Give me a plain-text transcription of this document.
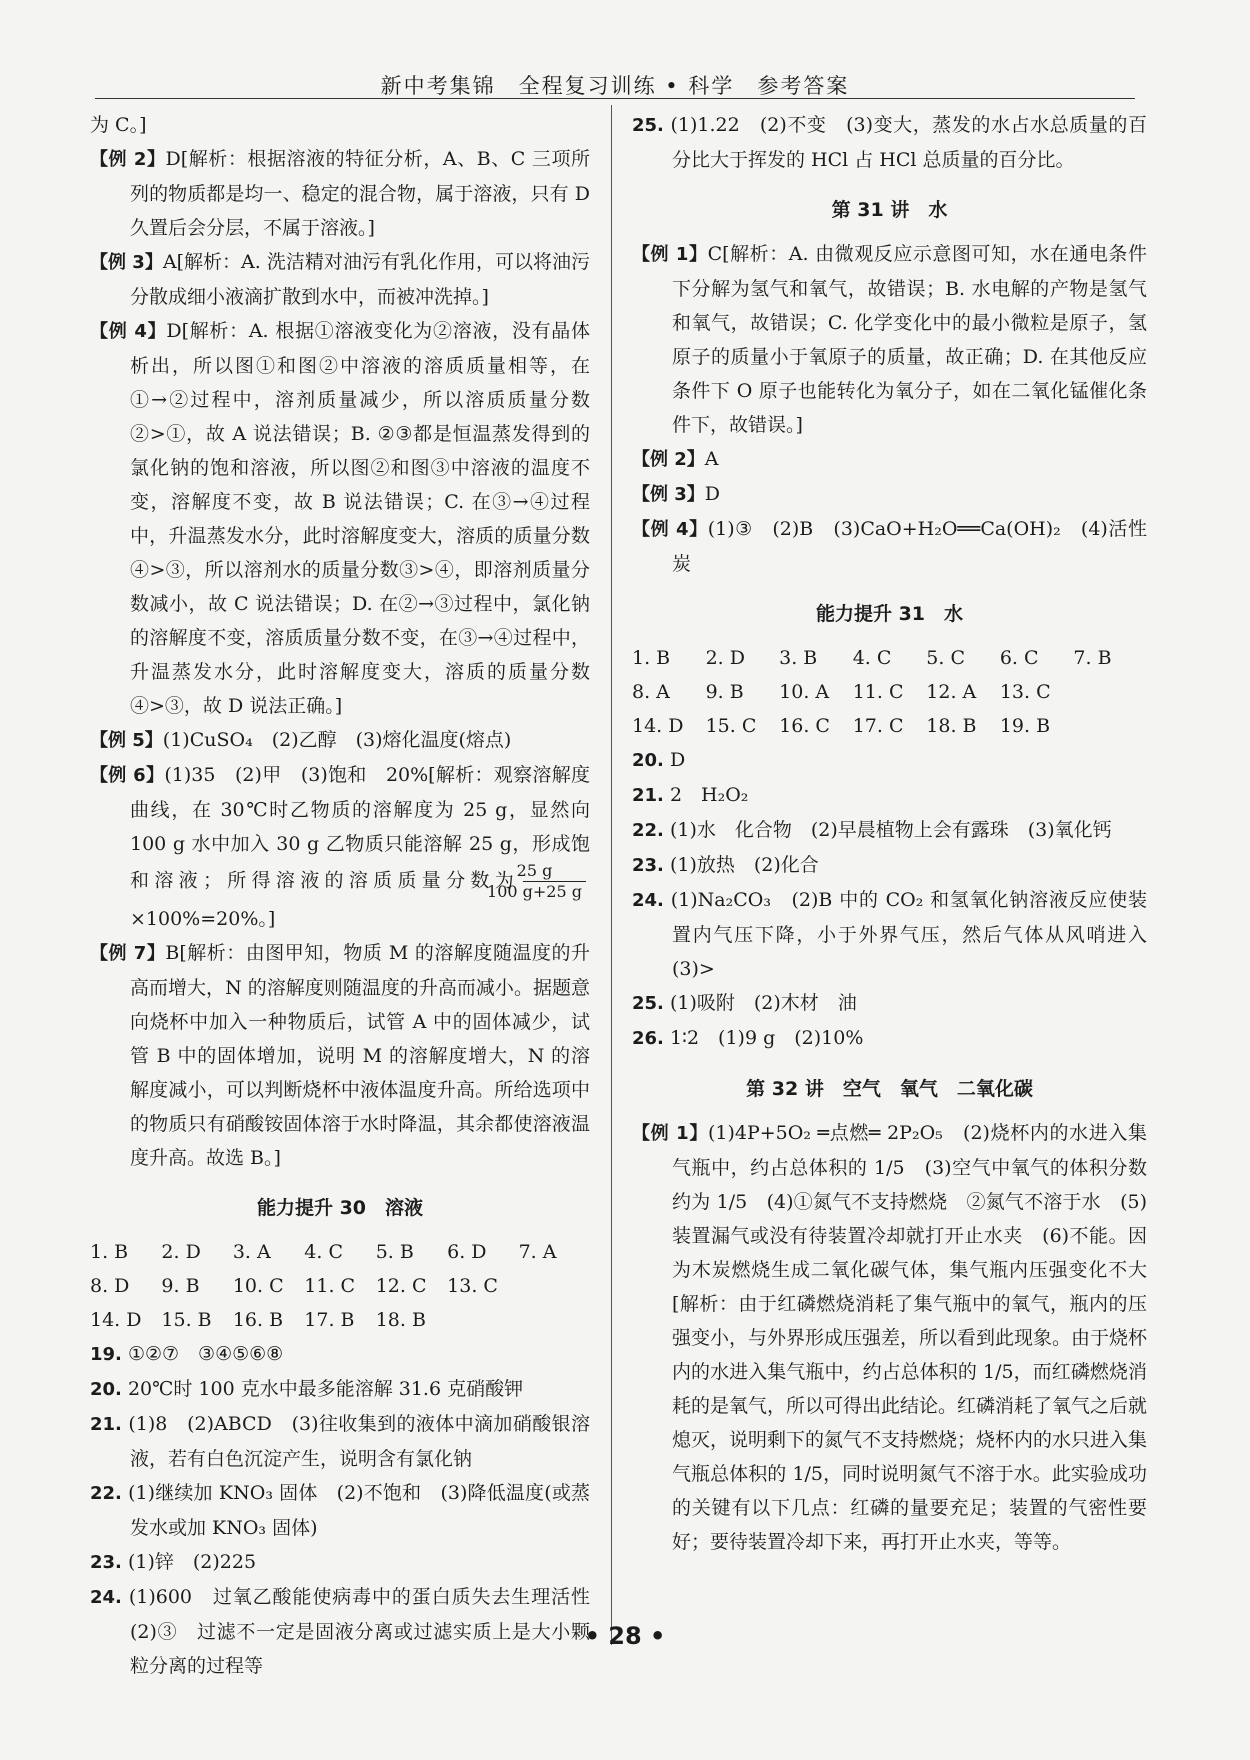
新中考集锦　全程复习训练 • 科学　参考答案

为 C。]

【例 2】D[解析：根据溶液的特征分析，A、B、C 三项所列的物质都是均一、稳定的混合物，属于溶液，只有 D 久置后会分层，不属于溶液。]

【例 3】A[解析：A. 洗洁精对油污有乳化作用，可以将油污分散成细小液滴扩散到水中，而被冲洗掉。]

【例 4】D[解析：A. 根据①溶液变化为②溶液，没有晶体析出，所以图①和图②中溶液的溶质质量相等，在①→②过程中，溶剂质量减少，所以溶质质量分数②>①，故 A 说法错误；B. ②③都是恒温蒸发得到的氯化钠的饱和溶液，所以图②和图③中溶液的温度不变，溶解度不变，故 B 说法错误；C. 在③→④过程中，升温蒸发水分，此时溶解度变大，溶质的质量分数④>③，所以溶剂水的质量分数③>④，即溶剂质量分数减小，故 C 说法错误；D. 在②→③过程中，氯化钠的溶解度不变，溶质质量分数不变，在③→④过程中，升温蒸发水分，此时溶解度变大，溶质的质量分数④>③，故 D 说法正确。]

【例 5】(1)CuSO₄　(2)乙醇　(3)熔化温度(熔点)

【例 6】(1)35　(2)甲　(3)饱和　20%[解析：观察溶解度曲线，在 30℃时乙物质的溶解度为 25 g，显然向 100 g 水中加入 30 g 乙物质只能溶解 25 g，形成饱和溶液；所得溶液的溶质质量分数为 $\frac{25 g}{100 g+25 g}$
×100%=20%。]

【例 7】B[解析：由图甲知，物质 M 的溶解度随温度的升高而增大，N 的溶解度则随温度的升高而减小。据题意向烧杯中加入一种物质后，试管 A 中的固体减少，试管 B 中的固体增加，说明 M 的溶解度增大，N 的溶解度减小，可以判断烧杯中液体温度升高。所给选项中的物质只有硝酸铵固体溶于水时降温，其余都使溶液温度升高。故选 B。]

能力提升 30　溶液
1. B	2. D	3. A	4. C	5. B	6. D	7. A
8. D	9. B	10. C	11. C	12. C	13. C
14. D	15. B	16. B	17. B	18. B

19. ①②⑦　③④⑤⑥⑧

20. 20℃时 100 克水中最多能溶解 31.6 克硝酸钾

21. (1)8　(2)ABCD　(3)往收集到的液体中滴加硝酸银溶液，若有白色沉淀产生，说明含有氯化钠

22. (1)继续加 KNO₃ 固体　(2)不饱和　(3)降低温度(或蒸发水或加 KNO₃ 固体)

23. (1)锌　(2)225

24. (1)600　过氧乙酸能使病毒中的蛋白质失去生理活性　(2)③　过滤不一定是固液分离或过滤实质上是大小颗粒分离的过程等

25. (1)1.22　(2)不变　(3)变大，蒸发的水占水总质量的百分比大于挥发的 HCl 占 HCl 总质量的百分比。

第 31 讲　水

【例 1】C[解析：A. 由微观反应示意图可知，水在通电条件下分解为氢气和氧气，故错误；B. 水电解的产物是氢气和氧气，故错误；C. 化学变化中的最小微粒是原子，氢原子的质量小于氧原子的质量，故正确；D. 在其他反应条件下 O 原子也能转化为氧分子，如在二氧化锰催化条件下，故错误。]

【例 2】A

【例 3】D

【例 4】(1)③　(2)B　(3)CaO+H₂O══Ca(OH)₂　(4)活性炭

能力提升 31　水
1. B	2. D	3. B	4. C	5. C	6. C	7. B
8. A	9. B	10. A	11. C	12. A	13. C
14. D	15. C	16. C	17. C	18. B	19. B

20. D

21. 2　H₂O₂

22. (1)水　化合物　(2)早晨植物上会有露珠　(3)氧化钙

23. (1)放热　(2)化合

24. (1)Na₂CO₃　(2)B 中的 CO₂ 和氢氧化钠溶液反应使装置内气压下降，小于外界气压，然后气体从风哨进入　(3)>

25. (1)吸附　(2)木材　油

26. 1∶2　(1)9 g　(2)10%

第 32 讲　空气　氧气　二氧化碳

【例 1】(1)4P+5O₂ ═点燃═ 2P₂O₅　(2)烧杯内的水进入集气瓶中，约占总体积的 1/5　(3)空气中氧气的体积分数约为 1/5　(4)①氮气不支持燃烧　②氮气不溶于水　(5)装置漏气或没有待装置冷却就打开止水夹　(6)不能。因为木炭燃烧生成二氧化碳气体，集气瓶内压强变化不大[解析：由于红磷燃烧消耗了集气瓶中的氧气，瓶内的压强变小，与外界形成压强差，所以看到此现象。由于烧杯内的水进入集气瓶中，约占总体积的 1/5，而红磷燃烧消耗的是氧气，所以可得出此结论。红磷消耗了氧气之后就熄灭，说明剩下的氮气不支持燃烧；烧杯内的水只进入集气瓶总体积的 1/5，同时说明氮气不溶于水。此实验成功的关键有以下几点：红磷的量要充足；装置的气密性要好；要待装置冷却下来，再打开止水夹，等等。

• 28 •
